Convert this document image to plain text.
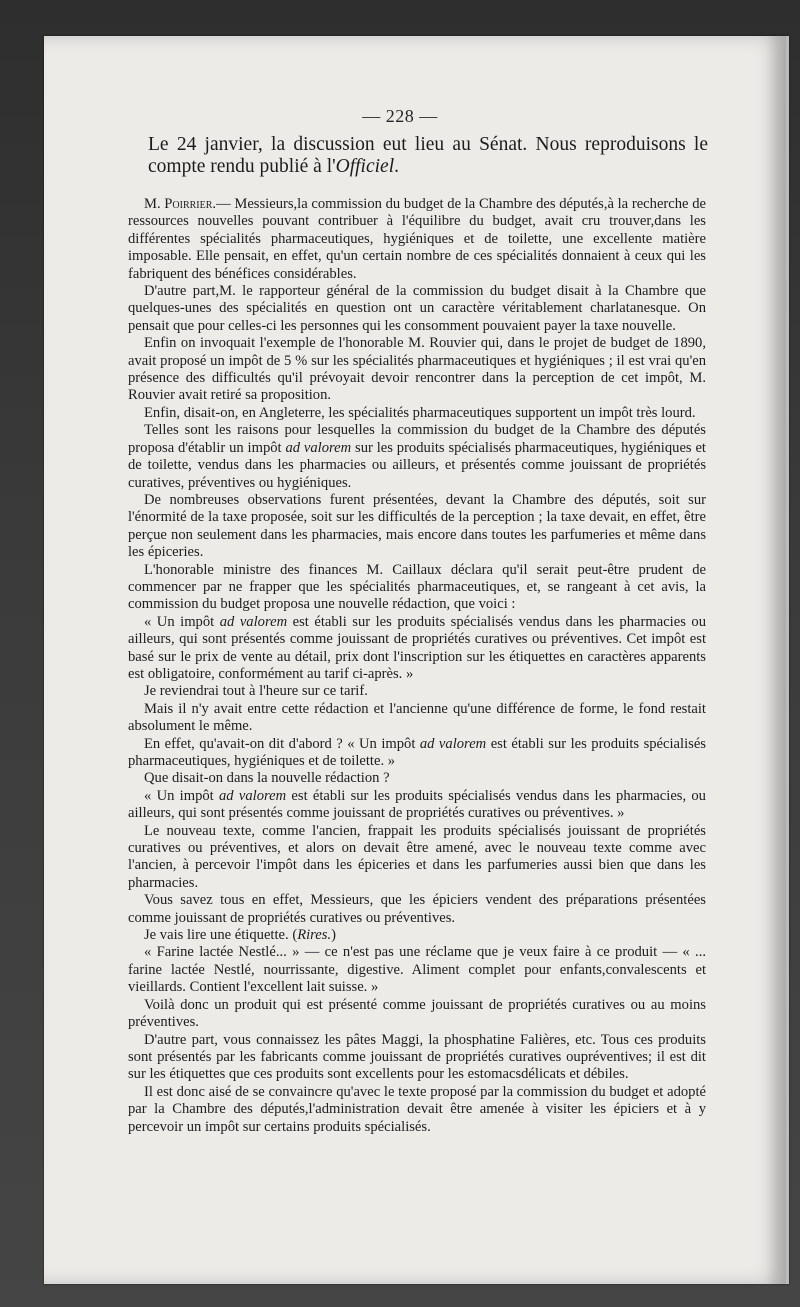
— 228 —

Le 24 janvier, la discussion eut lieu au Sénat. Nous reproduisons le compte rendu publié à l'Officiel.

M. Poirrier.— Messieurs,la commission du budget de la Chambre des députés,à la recherche de ressources nouvelles pouvant contribuer à l'équilibre du budget, avait cru trouver,dans les différentes spécialités pharmaceutiques, hygiéniques et de toilette, une excellente matière imposable. Elle pensait, en effet, qu'un certain nombre de ces spécialités donnaient à ceux qui les fabriquent des bénéfices considérables.

D'autre part,M. le rapporteur général de la commission du budget disait à la Chambre que quelques-unes des spécialités en question ont un caractère véritablement charlatanesque. On pensait que pour celles-ci les personnes qui les consomment pouvaient payer la taxe nouvelle.

Enfin on invoquait l'exemple de l'honorable M. Rouvier qui, dans le projet de budget de 1890, avait proposé un impôt de 5 % sur les spécialités pharmaceutiques et hygiéniques ; il est vrai qu'en présence des difficultés qu'il prévoyait devoir rencontrer dans la perception de cet impôt, M. Rouvier avait retiré sa proposition.

Enfin, disait-on, en Angleterre, les spécialités pharmaceutiques supportent un impôt très lourd.

Telles sont les raisons pour lesquelles la commission du budget de la Chambre des députés proposa d'établir un impôt ad valorem sur les produits spécialisés pharmaceutiques, hygiéniques et de toilette, vendus dans les pharmacies ou ailleurs, et présentés comme jouissant de propriétés curatives, préventives ou hygiéniques.

De nombreuses observations furent présentées, devant la Chambre des députés, soit sur l'énormité de la taxe proposée, soit sur les difficultés de la perception ; la taxe devait, en effet, être perçue non seulement dans les pharmacies, mais encore dans toutes les parfumeries et même dans les épiceries.

L'honorable ministre des finances M. Caillaux déclara qu'il serait peut-être prudent de commencer par ne frapper que les spécialités pharmaceutiques, et, se rangeant à cet avis, la commission du budget proposa une nouvelle rédaction, que voici :

« Un impôt ad valorem est établi sur les produits spécialisés vendus dans les pharmacies ou ailleurs, qui sont présentés comme jouissant de propriétés curatives ou préventives. Cet impôt est basé sur le prix de vente au détail, prix dont l'inscription sur les étiquettes en caractères apparents est obligatoire, conformément au tarif ci-après. »

Je reviendrai tout à l'heure sur ce tarif.

Mais il n'y avait entre cette rédaction et l'ancienne qu'une différence de forme, le fond restait absolument le même.

En effet, qu'avait-on dit d'abord ? « Un impôt ad valorem est établi sur les produits spécialisés pharmaceutiques, hygiéniques et de toilette. »

Que disait-on dans la nouvelle rédaction ?

« Un impôt ad valorem est établi sur les produits spécialisés vendus dans les pharmacies, ou ailleurs, qui sont présentés comme jouissant de propriétés curatives ou préventives. »

Le nouveau texte, comme l'ancien, frappait les produits spécialisés jouissant de propriétés curatives ou préventives, et alors on devait être amené, avec le nouveau texte comme avec l'ancien, à percevoir l'impôt dans les épiceries et dans les parfumeries aussi bien que dans les pharmacies.

Vous savez tous en effet, Messieurs, que les épiciers vendent des préparations présentées comme jouissant de propriétés curatives ou préventives.

Je vais lire une étiquette. (Rires.)

« Farine lactée Nestlé... » — ce n'est pas une réclame que je veux faire à ce produit — « ... farine lactée Nestlé, nourrissante, digestive. Aliment complet pour enfants,convalescents et vieillards. Contient l'excellent lait suisse. »

Voilà donc un produit qui est présenté comme jouissant de propriétés curatives ou au moins préventives.

D'autre part, vous connaissez les pâtes Maggi, la phosphatine Falières, etc. Tous ces produits sont présentés par les fabricants comme jouissant de propriétés curatives oupréventives; il est dit sur les étiquettes que ces produits sont excellents pour les estomacsdélicats et débiles.

Il est donc aisé de se convaincre qu'avec le texte proposé par la commission du budget et adopté par la Chambre des députés,l'administration devait être amenée à visiter les épiciers et à y percevoir un impôt sur certains produits spécialisés.
